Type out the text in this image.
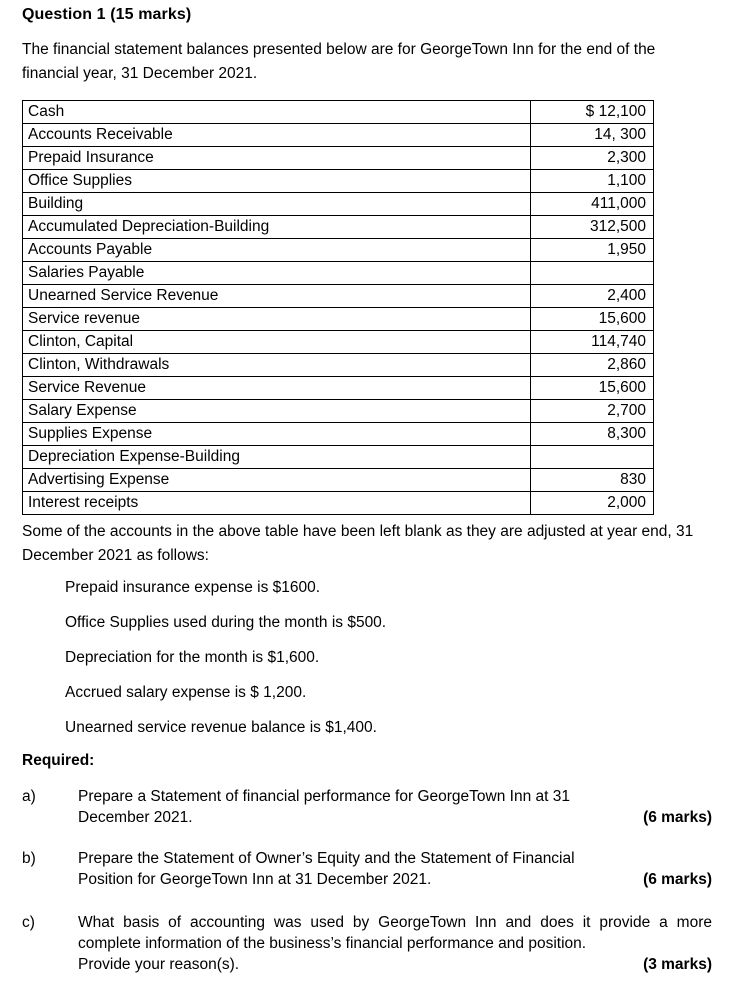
Question 1 (15 marks)
The financial statement balances presented below are for GeorgeTown Inn for the end of the financial year, 31 December 2021.
Cash	$ 12,100
Accounts Receivable	14, 300
Prepaid Insurance	2,300
Office Supplies	1,100
Building	411,000
Accumulated Depreciation-Building	312,500
Accounts Payable	1,950
Salaries Payable	
Unearned Service Revenue	2,400
Service revenue	15,600
Clinton, Capital	114,740
Clinton, Withdrawals	2,860
Service Revenue	15,600
Salary Expense	2,700
Supplies Expense	8,300
Depreciation Expense-Building	
Advertising Expense	830
Interest receipts	2,000
Some of the accounts in the above table have been left blank as they are adjusted at year end, 31 December 2021 as follows:
Prepaid insurance expense is $1600.
Office Supplies used during the month is $500.
Depreciation for the month is $1,600.
Accrued salary expense is $ 1,200.
Unearned service revenue balance is $1,400.
Required:
a)	Prepare a Statement of financial performance for GeorgeTown Inn at 31
December 2021.	(6 marks)
b)	Prepare the Statement of Owner’s Equity and the Statement of Financial
Position for GeorgeTown Inn at 31 December 2021.	(6 marks)
c)	What basis of accounting was used by GeorgeTown Inn and does it provide a more complete information of the business’s financial performance and position.
Provide your reason(s).	(3 marks)
